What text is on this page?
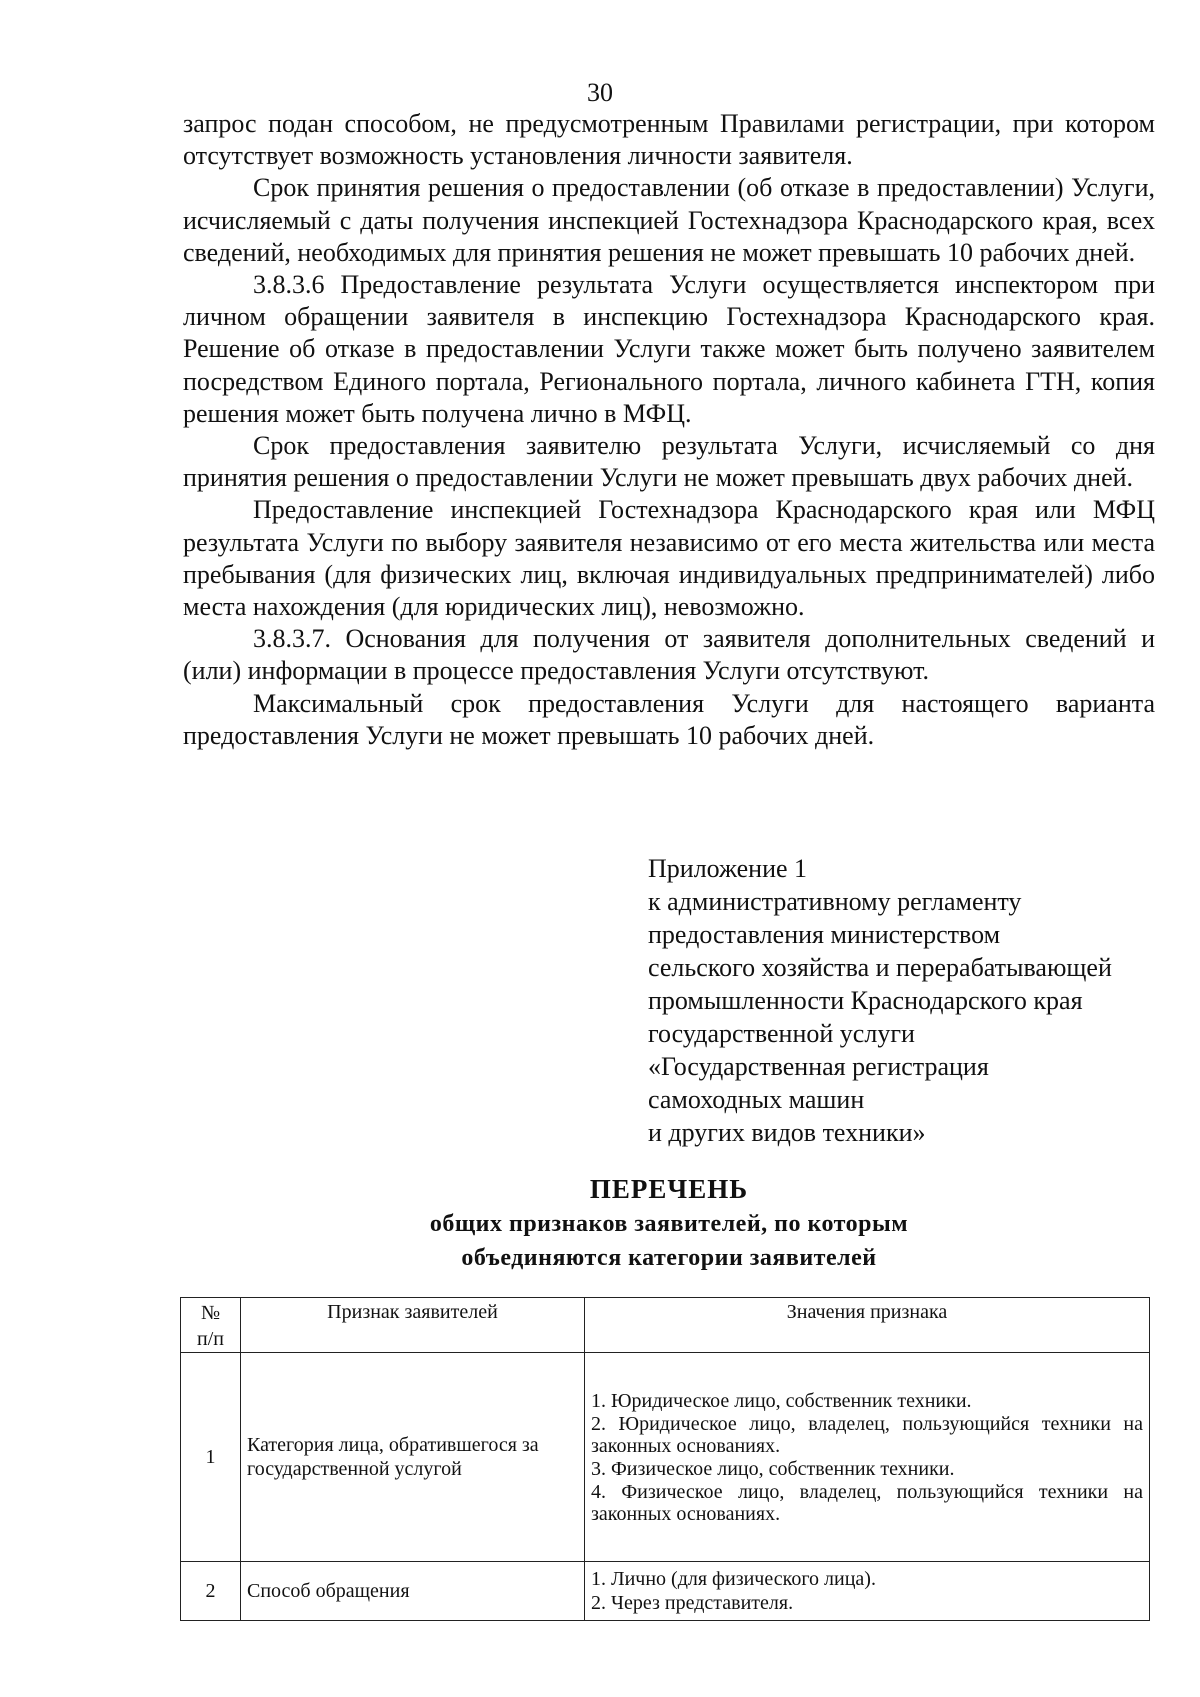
30

запрос подан способом, не предусмотренным Правилами регистрации, при котором отсутствует возможность установления личности заявителя.

Срок принятия решения о предоставлении (об отказе в предоставлении) Услуги, исчисляемый с даты получения инспекцией Гостехнадзора Краснодарского края, всех сведений, необходимых для принятия решения не может превышать 10 рабочих дней.

3.8.3.6 Предоставление результата Услуги осуществляется инспектором при личном обращении заявителя в инспекцию Гостехнадзора Краснодарского края. Решение об отказе в предоставлении Услуги также может быть получено заявителем посредством Единого портала, Регионального портала, личного кабинета ГТН, копия решения может быть получена лично в МФЦ.

Срок предоставления заявителю результата Услуги, исчисляемый со дня принятия решения о предоставлении Услуги не может превышать двух рабочих дней.

Предоставление инспекцией Гостехнадзора Краснодарского края или МФЦ результата Услуги по выбору заявителя независимо от его места жительства или места пребывания (для физических лиц, включая индивидуальных предпринимателей) либо места нахождения (для юридических лиц), невозможно.

3.8.3.7. Основания для получения от заявителя дополнительных сведений и (или) информации в процессе предоставления Услуги отсутствуют.

Максимальный срок предоставления Услуги для настоящего варианта предоставления Услуги не может превышать 10 рабочих дней.

Приложение 1
к административному регламенту
предоставления министерством
сельского хозяйства и перерабатывающей
промышленности Краснодарского края
государственной услуги
«Государственная регистрация
самоходных машин
и других видов техники»
ПЕРЕЧЕНЬ
общих признаков заявителей, по которым
объединяются категории заявителей
№
п/п	Признак заявителей	Значения признака
1	Категория лица, обратившегося за государственной услугой	1. Юридическое лицо, собственник техники.
2. Юридическое лицо, владелец, пользующийся техники на законных основаниях.
3. Физическое лицо, собственник техники.
4. Физическое лицо, владелец, пользующийся техники на законных основаниях.

2	Способ обращения	1. Лично (для физического лица).
2. Через представителя.
